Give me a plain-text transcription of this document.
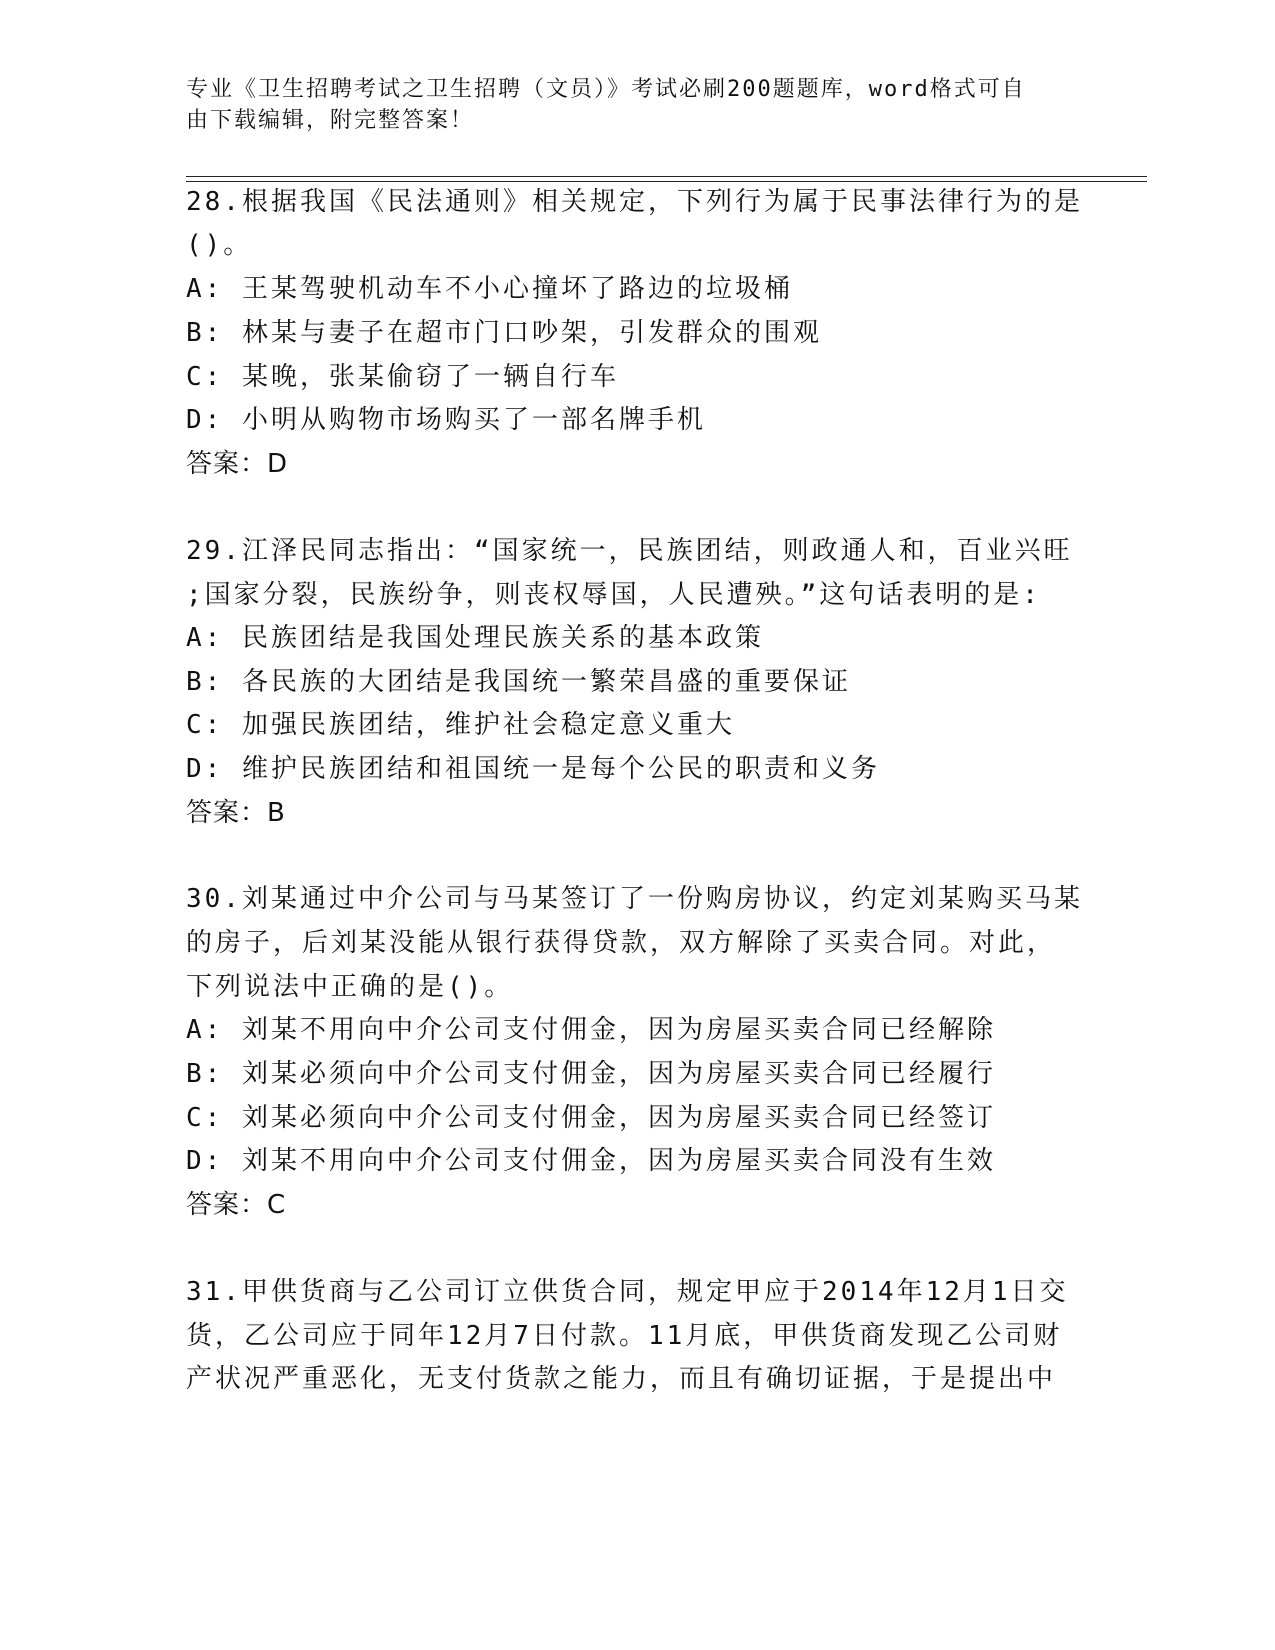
专业《卫生招聘考试之卫生招聘（文员）》考试必刷200题题库，word格式可自
由下载编辑，附完整答案！
28.根据我国《民法通则》相关规定，下列行为属于民事法律行为的是
()。
A: 王某驾驶机动车不小心撞坏了路边的垃圾桶
B: 林某与妻子在超市门口吵架，引发群众的围观
C: 某晚，张某偷窃了一辆自行车
D: 小明从购物市场购买了一部名牌手机
答案：D
29.江泽民同志指出：“国家统一，民族团结，则政通人和，百业兴旺
;国家分裂，民族纷争，则丧权辱国，人民遭殃。”这句话表明的是:
A: 民族团结是我国处理民族关系的基本政策
B: 各民族的大团结是我国统一繁荣昌盛的重要保证
C: 加强民族团结，维护社会稳定意义重大
D: 维护民族团结和祖国统一是每个公民的职责和义务
答案：B
30.刘某通过中介公司与马某签订了一份购房协议，约定刘某购买马某
的房子，后刘某没能从银行获得贷款，双方解除了买卖合同。对此，
下列说法中正确的是()。
A: 刘某不用向中介公司支付佣金，因为房屋买卖合同已经解除
B: 刘某必须向中介公司支付佣金，因为房屋买卖合同已经履行
C: 刘某必须向中介公司支付佣金，因为房屋买卖合同已经签订
D: 刘某不用向中介公司支付佣金，因为房屋买卖合同没有生效
答案：C
31.甲供货商与乙公司订立供货合同，规定甲应于2014年12月1日交
货，乙公司应于同年12月7日付款。11月底，甲供货商发现乙公司财
产状况严重恶化，无支付货款之能力，而且有确切证据，于是提出中
